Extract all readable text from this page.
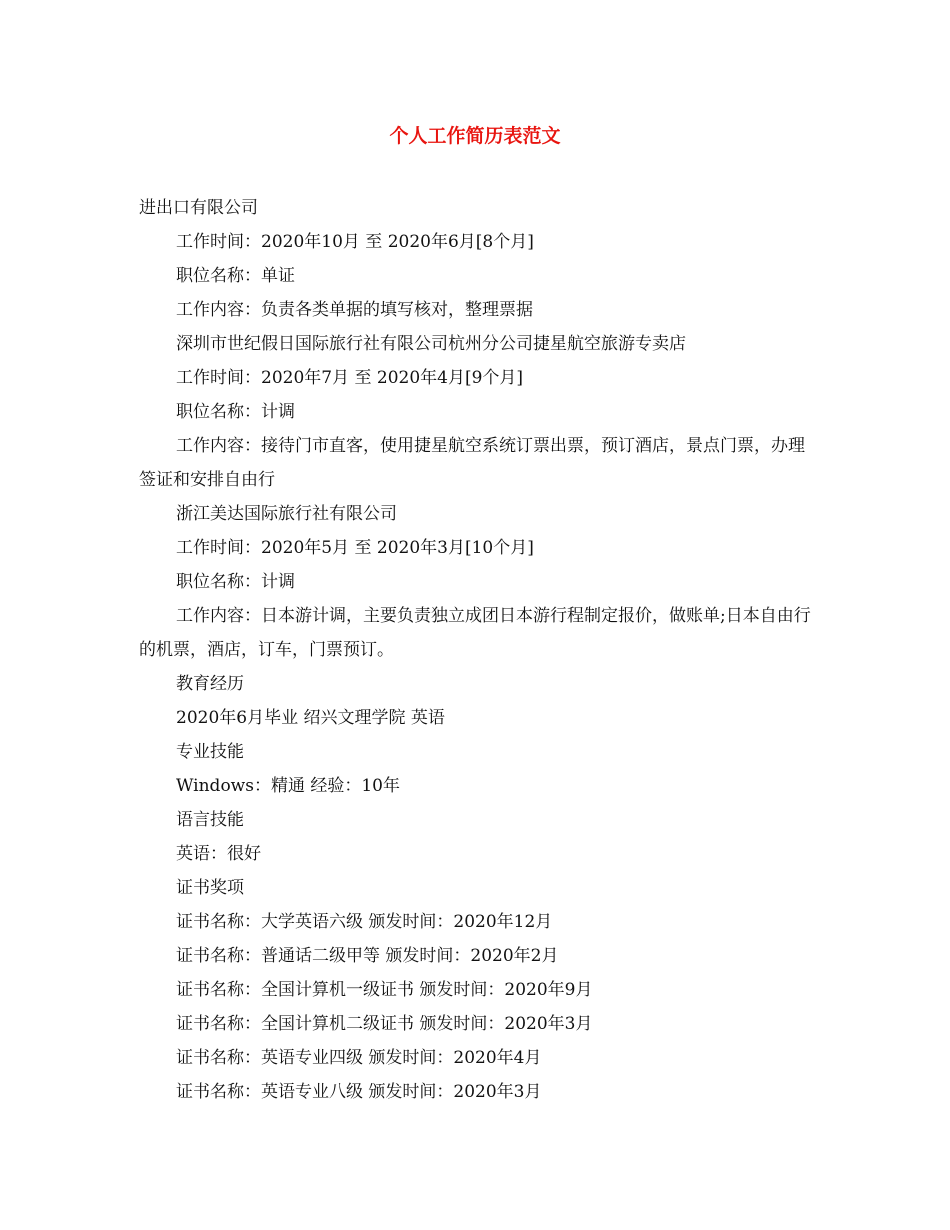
个人工作简历表范文

进出口有限公司

工作时间：2020年10月 至 2020年6月[8个月]

职位名称：单证

工作内容：负责各类单据的填写核对，整理票据

深圳市世纪假日国际旅行社有限公司杭州分公司捷星航空旅游专卖店

工作时间：2020年7月 至 2020年4月[9个月]

职位名称：计调

工作内容：接待门市直客，使用捷星航空系统订票出票，预订酒店，景点门票，办理签证和安排自由行

浙江美达国际旅行社有限公司

工作时间：2020年5月 至 2020年3月[10个月]

职位名称：计调

工作内容：日本游计调，主要负责独立成团日本游行程制定报价，做账单;日本自由行的机票，酒店，订车，门票预订。

教育经历

2020年6月毕业 绍兴文理学院 英语

专业技能

Windows：精通 经验：10年

语言技能

英语：很好

证书奖项

证书名称：大学英语六级 颁发时间：2020年12月

证书名称：普通话二级甲等 颁发时间：2020年2月

证书名称：全国计算机一级证书 颁发时间：2020年9月

证书名称：全国计算机二级证书 颁发时间：2020年3月

证书名称：英语专业四级 颁发时间：2020年4月

证书名称：英语专业八级 颁发时间：2020年3月
